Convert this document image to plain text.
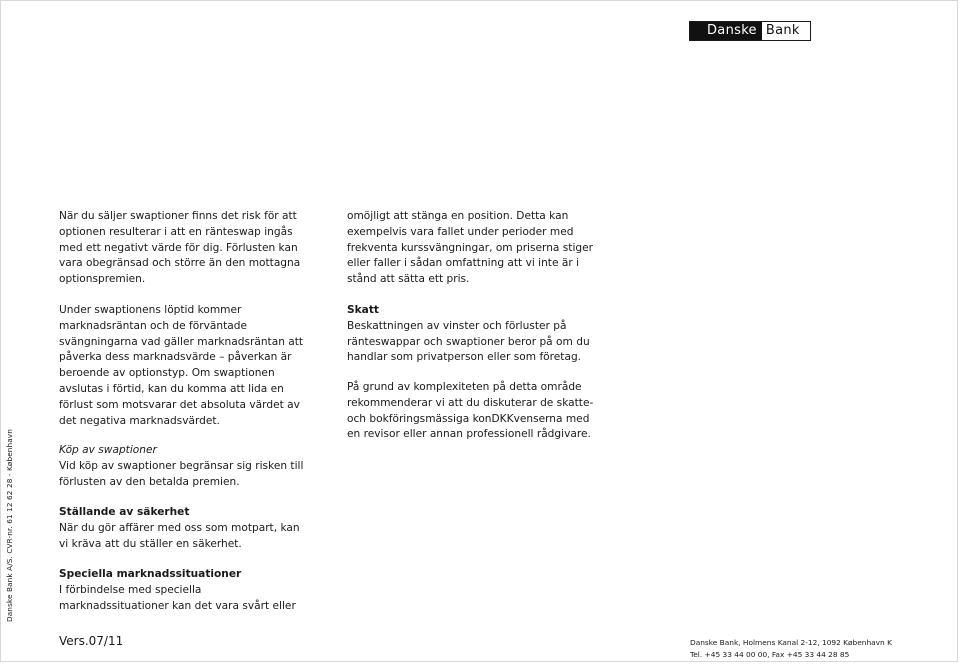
Danske Bank

När du säljer swaptioner finns det risk för att

optionen resulterar i att en ränteswap ingås

med ett negativt värde för dig. Förlusten kan

vara obegränsad och större än den mottagna

optionspremien.

Under swaptionens löptid kommer

marknadsräntan och de förväntade

svängningarna vad gäller marknadsräntan att

påverka dess marknadsvärde – påverkan är

beroende av optionstyp. Om swaptionen

avslutas i förtid, kan du komma att lida en

förlust som motsvarar det absoluta värdet av

det negativa marknadsvärdet.

Köp av swaptioner

Vid köp av swaptioner begränsar sig risken till

förlusten av den betalda premien.

Ställande av säkerhet

När du gör affärer med oss som motpart, kan

vi kräva att du ställer en säkerhet.

Speciella marknadssituationer

I förbindelse med speciella

marknadssituationer kan det vara svårt eller

omöjligt att stänga en position. Detta kan

exempelvis vara fallet under perioder med

frekventa kurssvängningar, om priserna stiger

eller faller i sådan omfattning att vi inte är i

stånd att sätta ett pris.

Skatt

Beskattningen av vinster och förluster på

ränteswappar och swaptioner beror på om du

handlar som privatperson eller som företag.

På grund av komplexiteten på detta område

rekommenderar vi att du diskuterar de skatte-

och bokföringsmässiga konDKKvenserna med

en revisor eller annan professionell rådgivare.

Danske Bank A/S. CVR-nr. 61 12 62 28 - København
Vers.07/11	Danske Bank, Holmens Kanal 2-12, 1092 København K

Tel. +45 33 44 00 00, Fax +45 33 44 28 85
